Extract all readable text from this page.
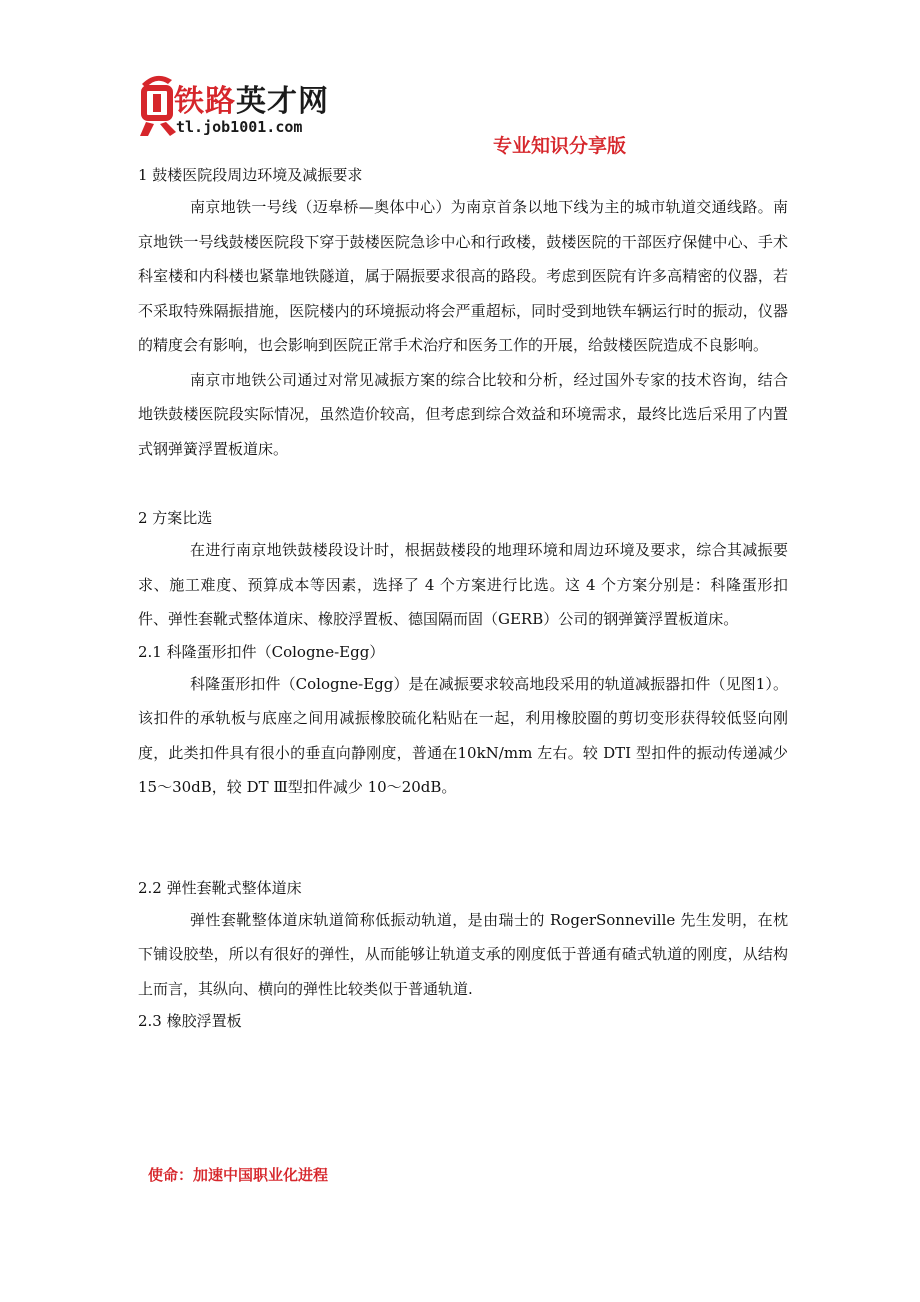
铁路英才网
tl.job1001.com
专业知识分享版

1 鼓楼医院段周边环境及减振要求

南京地铁一号线（迈皋桥—奥体中心）为南京首条以地下线为主的城市轨道交通线路。南京地铁一号线鼓楼医院段下穿于鼓楼医院急诊中心和行政楼，鼓楼医院的干部医疗保健中心、手术科室楼和内科楼也紧靠地铁隧道，属于隔振要求很高的路段。考虑到医院有许多高精密的仪器，若不采取特殊隔振措施，医院楼内的环境振动将会严重超标，同时受到地铁车辆运行时的振动，仪器的精度会有影响，也会影响到医院正常手术治疗和医务工作的开展，给鼓楼医院造成不良影响。

南京市地铁公司通过对常见减振方案的综合比较和分析，经过国外专家的技术咨询，结合地铁鼓楼医院段实际情况，虽然造价较高，但考虑到综合效益和环境需求，最终比选后采用了内置式钢弹簧浮置板道床。

2 方案比选

在进行南京地铁鼓楼段设计时，根据鼓楼段的地理环境和周边环境及要求，综合其减振要求、施工难度、预算成本等因素，选择了 4 个方案进行比选。这 4 个方案分别是：科隆蛋形扣件、弹性套靴式整体道床、橡胶浮置板、德国隔而固（GERB）公司的钢弹簧浮置板道床。

2.1 科隆蛋形扣件（Cologne-Egg）

科隆蛋形扣件（Cologne-Egg）是在减振要求较高地段采用的轨道减振器扣件（见图1）。该扣件的承轨板与底座之间用减振橡胶硫化粘贴在一起，利用橡胶圈的剪切变形获得较低竖向刚度，此类扣件具有很小的垂直向静刚度，普通在10kN/mm 左右。较 DTI 型扣件的振动传递减少 15～30dB，较 DT Ⅲ型扣件减少 10～20dB。

2.2 弹性套靴式整体道床

弹性套靴整体道床轨道简称低振动轨道，是由瑞士的 RogerSonneville 先生发明，在枕下铺设胶垫，所以有很好的弹性，从而能够让轨道支承的刚度低于普通有碴式轨道的刚度，从结构上而言，其纵向、横向的弹性比较类似于普通轨道.

2.3 橡胶浮置板

使命：加速中国职业化进程
